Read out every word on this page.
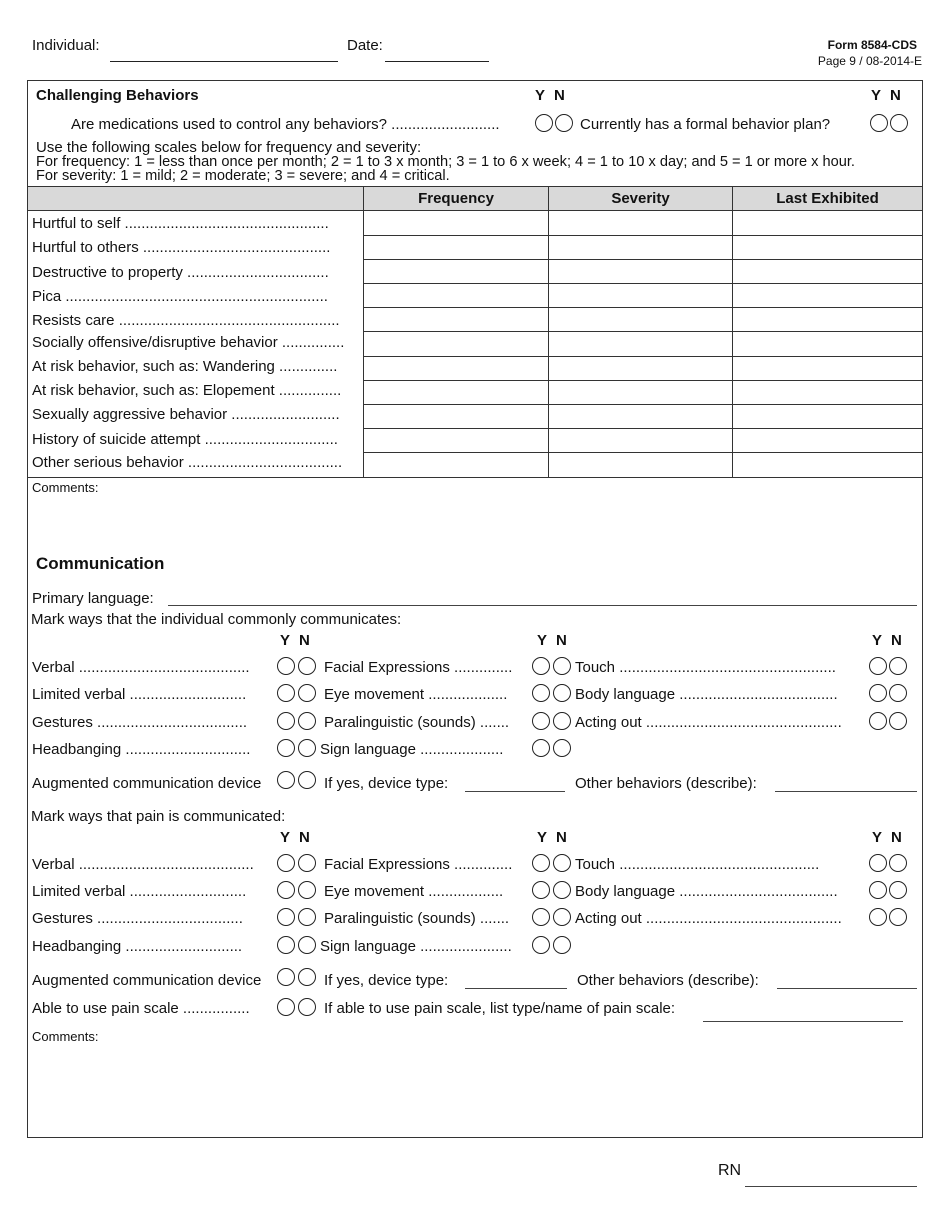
Individual:	Date:	Form 8584-CDS
Page 9 / 08-2014-E
Challenging Behaviors	Y N	Y N
Are medications used to control any behaviors? ..........................	Currently has a formal behavior plan?
Use the following scales below for frequency and severity:
For frequency: 1 = less than once per month; 2 = 1 to 3 x month; 3 = 1 to 6 x week; 4 = 1 to 10 x day; and 5 = 1 or more x hour.
For severity: 1 = mild; 2 = moderate; 3 = severe; and 4 = critical.
Frequency	Severity	Last Exhibited
Hurtful to self .................................................
Hurtful to others .............................................
Destructive to property ..................................
Pica ...............................................................
Resists care .....................................................
Socially offensive/disruptive behavior ...............
At risk behavior, such as: Wandering ..............
At risk behavior, such as: Elopement ...............
Sexually aggressive behavior ..........................
History of suicide attempt ................................
Other serious behavior .....................................
Comments:
Communication
Primary language:
Mark ways that the individual commonly communicates:
Y N	Y N	Y N
Verbal .........................................	Facial Expressions ..............	Touch ....................................................
Limited verbal ............................	Eye movement ...................	Body language ......................................
Gestures ....................................	Paralinguistic (sounds) .......	Acting out ...............................................
Headbanging ..............................	Sign language ....................
Augmented communication device	If yes, device type:	Other behaviors (describe):
Mark ways that pain is communicated:
Y N	Y N	Y N
Verbal ..........................................	Facial Expressions ..............	Touch ................................................
Limited verbal ............................	Eye movement ..................	Body language ......................................
Gestures ...................................	Paralinguistic (sounds) .......	Acting out ...............................................
Headbanging ............................	Sign language ......................
Augmented communication device	If yes, device type:	Other behaviors (describe):
Able to use pain scale ................	If able to use pain scale, list type/name of pain scale:
Comments:
RN
